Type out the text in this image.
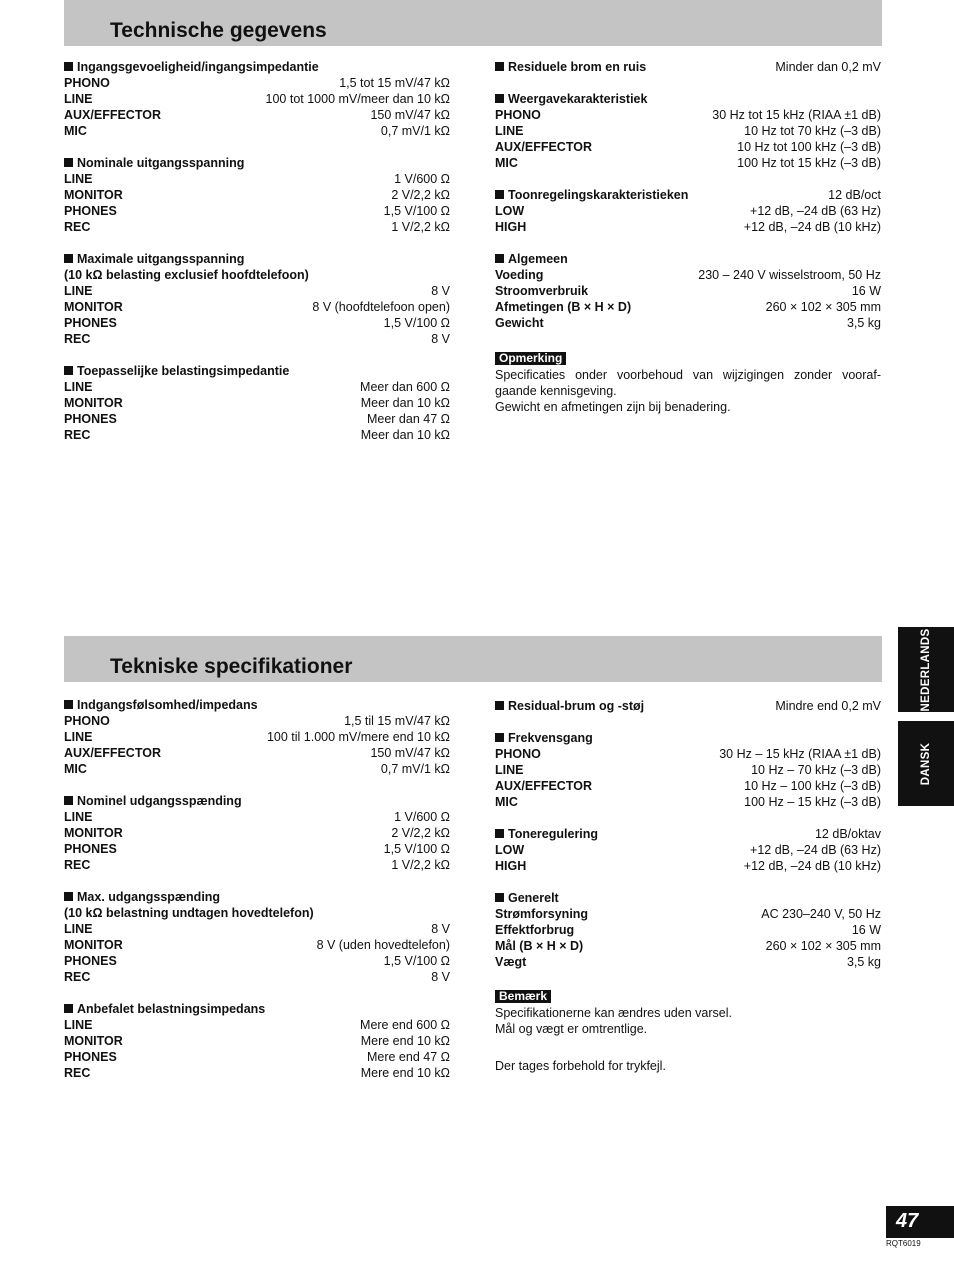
Technische gegevens
Ingangsgevoeligheid/ingangsimpedantie
PHONO	1,5 tot 15 mV/47 kΩ
LINE	100 tot 1000 mV/meer dan 10 kΩ
AUX/EFFECTOR	150 mV/47 kΩ
MIC	0,7 mV/1 kΩ
Nominale uitgangsspanning
LINE	1 V/600 Ω
MONITOR	2 V/2,2 kΩ
PHONES	1,5 V/100 Ω
REC	1 V/2,2 kΩ
Maximale uitgangsspanning
(10 kΩ belasting exclusief hoofdtelefoon)
LINE	8 V
MONITOR	8 V (hoofdtelefoon open)
PHONES	1,5 V/100 Ω
REC	8 V
Toepasselijke belastingsimpedantie
LINE	Meer dan 600 Ω
MONITOR	Meer dan 10 kΩ
PHONES	Meer dan 47 Ω
REC	Meer dan 10 kΩ
Residuele brom en ruis	Minder dan 0,2 mV
Weergavekarakteristiek
PHONO	30 Hz tot 15 kHz (RIAA ±1 dB)
LINE	10 Hz tot 70 kHz (–3 dB)
AUX/EFFECTOR	10 Hz tot 100 kHz (–3 dB)
MIC	100 Hz tot 15 kHz (–3 dB)
Toonregelingskarakteristieken	12 dB/oct
LOW	+12 dB, –24 dB (63 Hz)
HIGH	+12 dB, –24 dB (10 kHz)
Algemeen
Voeding	230 – 240 V wisselstroom, 50 Hz
Stroomverbruik	16 W
Afmetingen (B × H × D)	260 × 102 × 305 mm
Gewicht	3,5 kg
Opmerking

Specificaties onder voorbehoud van wijzigingen zonder vooraf-gaande kennisgeving.

Gewicht en afmetingen zijn bij benadering.

Tekniske specifikationer
Indgangsfølsomhed/impedans
PHONO	1,5 til 15 mV/47 kΩ
LINE	100 til 1.000 mV/mere end 10 kΩ
AUX/EFFECTOR	150 mV/47 kΩ
MIC	0,7 mV/1 kΩ
Nominel udgangsspænding
LINE	1 V/600 Ω
MONITOR	2 V/2,2 kΩ
PHONES	1,5 V/100 Ω
REC	1 V/2,2 kΩ
Max. udgangsspænding
(10 kΩ belastning undtagen hovedtelefon)
LINE	8 V
MONITOR	8 V (uden hovedtelefon)
PHONES	1,5 V/100 Ω
REC	8 V
Anbefalet belastningsimpedans
LINE	Mere end 600 Ω
MONITOR	Mere end 10 kΩ
PHONES	Mere end 47 Ω
REC	Mere end 10 kΩ
Residual-brum og -støj	Mindre end 0,2 mV
Frekvensgang
PHONO	30 Hz – 15 kHz (RIAA ±1 dB)
LINE	10 Hz – 70 kHz (–3 dB)
AUX/EFFECTOR	10 Hz – 100 kHz (–3 dB)
MIC	100 Hz – 15 kHz (–3 dB)
Toneregulering	12 dB/oktav
LOW	+12 dB, –24 dB (63 Hz)
HIGH	+12 dB, –24 dB (10 kHz)
Generelt
Strømforsyning	AC 230–240 V, 50 Hz
Effektforbrug	16 W
Mål (B × H × D)	260 × 102 × 305 mm
Vægt	3,5 kg
Bemærk

Specifikationerne kan ændres uden varsel.

Mål og vægt er omtrentlige.

Der tages forbehold for trykfejl.
NEDERLANDS
DANSK
47
RQT6019
